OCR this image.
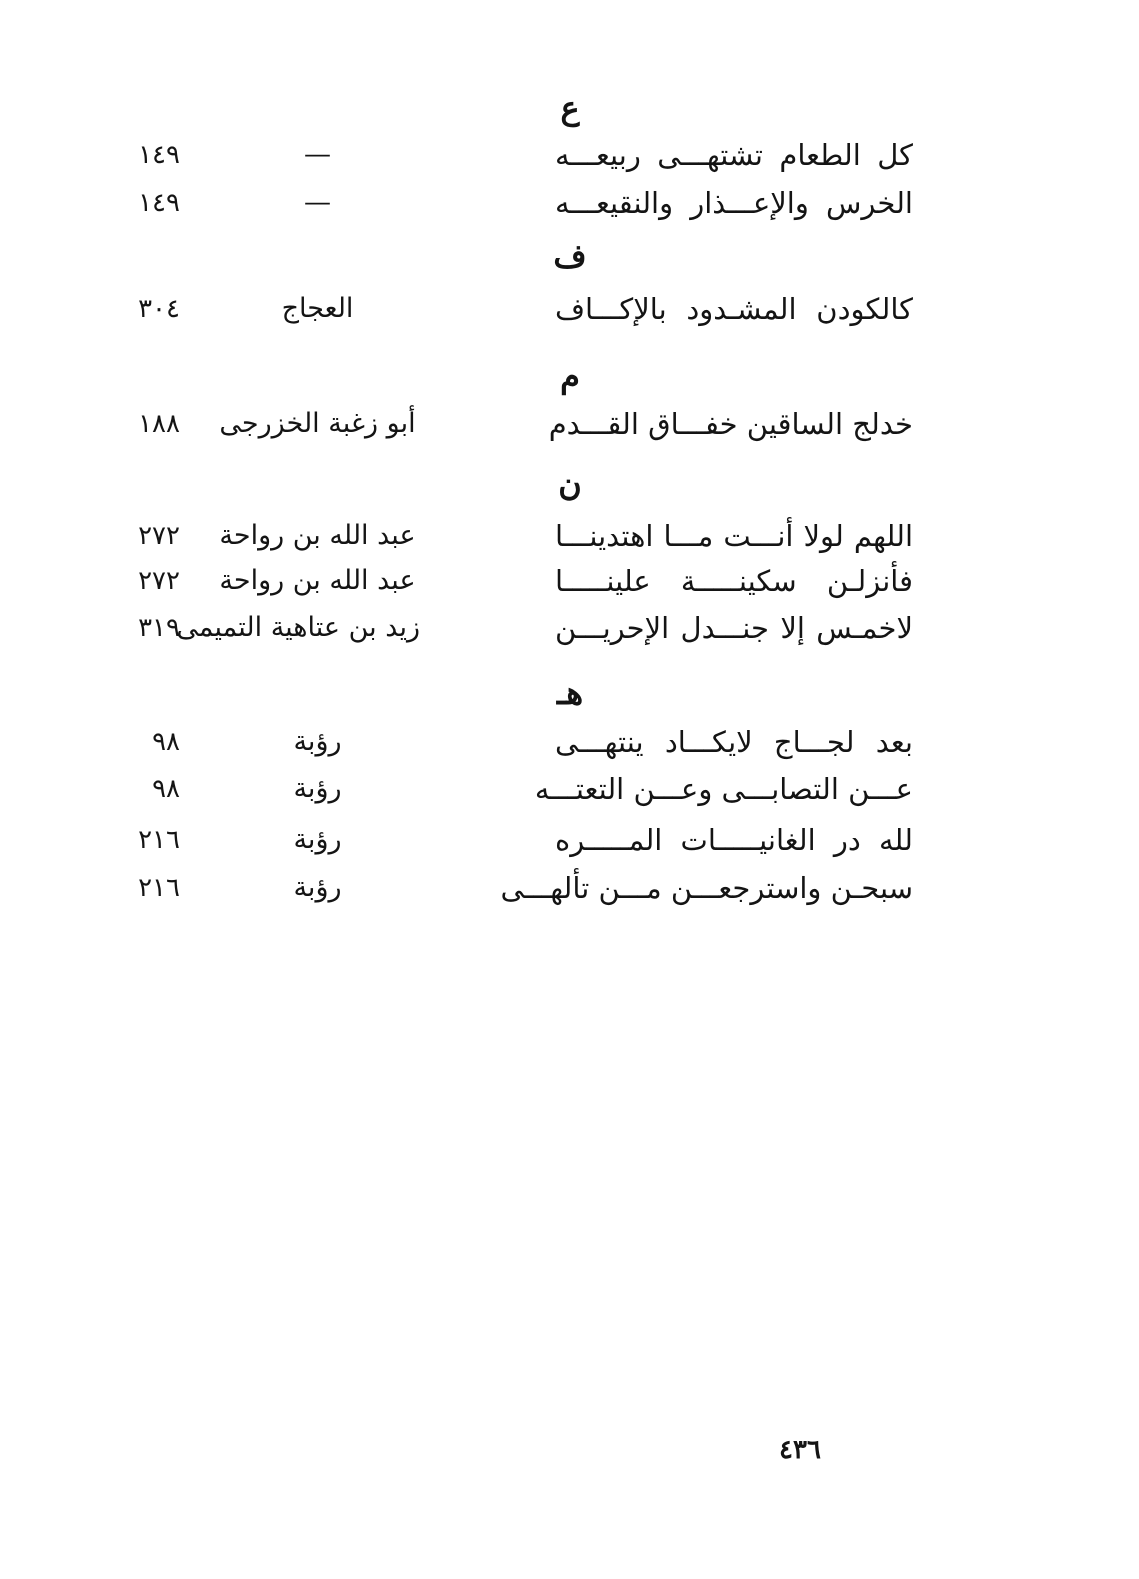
ع
كل الطعام تشتهـــى ربيعـــه
—
١٤٩
الخرس والإعـــذار والنقيعـــه
—
١٤٩
ف
كالكودن المشـدود بالإكـــاف
العجاج
٣٠٤
م
خدلج الساقين خفـــاق القـــدم
أبو زغبة الخزرجى
١٨٨
ن
اللهم لولا أنـــت مـــا اهتدينـــا
عبد الله بن رواحة
٢٧٢
فأنزلـن سكينـــــة علينـــــا
عبد الله بن رواحة
٢٧٢
لاخمـس إلا جنـــدل الإحريـــن
زيد بن عتاهية التميمى
٣١٩
هـ
بعد لجـــاج لايكـــاد ينتهـــى
رؤبة
٩٨
عـــن التصابـــى وعـــن التعتـــه
رؤبة
٩٨
لله در الغانيـــــات المـــــره
رؤبة
٢١٦
سبحـن واسترجعـــن مـــن تألهـــى
رؤبة
٢١٦
٤٣٦
